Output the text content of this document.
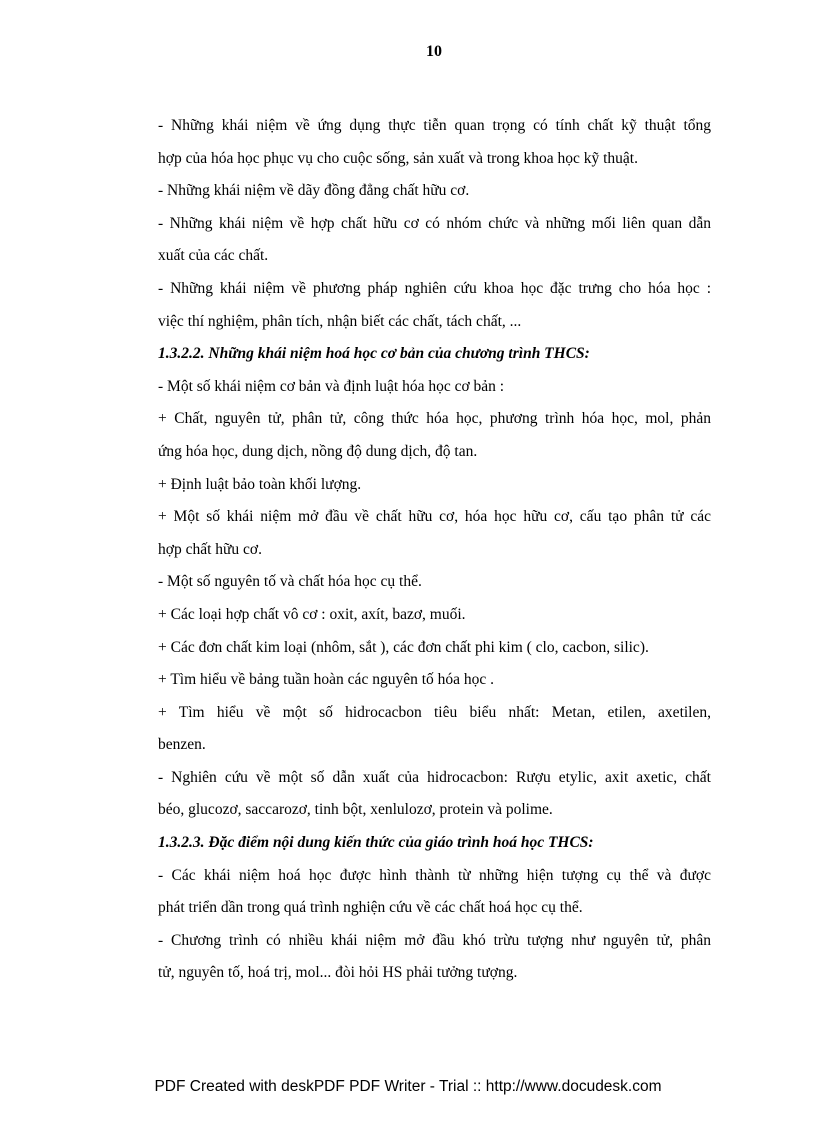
10
- Những khái niệm về ứng dụng thực tiễn quan trọng có tính chất kỹ thuật tổng
hợp của hóa học phục vụ cho cuộc sống, sản xuất và trong khoa học kỹ thuật.
- Những khái niệm về dãy đồng đẳng chất hữu cơ.
- Những khái niệm về hợp chất hữu cơ có nhóm chức và những mối liên quan dẫn
xuất của các chất.
- Những khái niệm về phương pháp nghiên cứu khoa học đặc trưng cho hóa học :
việc thí nghiệm, phân tích, nhận biết các chất, tách chất, ...
1.3.2.2. Những khái niệm hoá học cơ bản của chương trình THCS:
- Một số khái niệm cơ bản và định luật hóa học cơ bản :
+ Chất, nguyên tử, phân tử, công thức hóa học, phương trình hóa học, mol, phản
ứng hóa học, dung dịch, nồng độ dung dịch, độ tan.
+ Định luật bảo toàn khối lượng.
+ Một số khái niệm mở đầu về chất hữu cơ, hóa học hữu cơ, cấu tạo phân tử các
hợp chất hữu cơ.
- Một số nguyên tố và chất hóa học cụ thể.
+ Các loại hợp chất vô cơ : oxit, axít, bazơ, muối.
+ Các đơn chất kim loại (nhôm, sắt ), các đơn chất phi kim ( clo, cacbon, silic).
+ Tìm hiểu về bảng tuần hoàn các nguyên tố hóa học .
+ Tìm hiểu về một số hidrocacbon tiêu biểu nhất: Metan, etilen, axetilen,
benzen.
- Nghiên cứu về một số dẫn xuất của hidrocacbon: Rượu etylic, axit axetic, chất
béo, glucozơ, saccarozơ, tinh bột, xenlulozơ, protein và polime.
1.3.2.3. Đặc điểm nội dung kiến thức của giáo trình hoá học THCS:
- Các khái niệm hoá học được hình thành từ những hiện tượng cụ thể và được
phát triển dần trong quá trình nghiện cứu về các chất hoá học cụ thể.
- Chương trình có nhiều khái niệm mở đầu khó trừu tượng như nguyên tử, phân
tử, nguyên tố, hoá trị, mol... đòi hỏi HS phải tưởng tượng.
PDF Created with deskPDF PDF Writer - Trial :: http://www.docudesk.com
